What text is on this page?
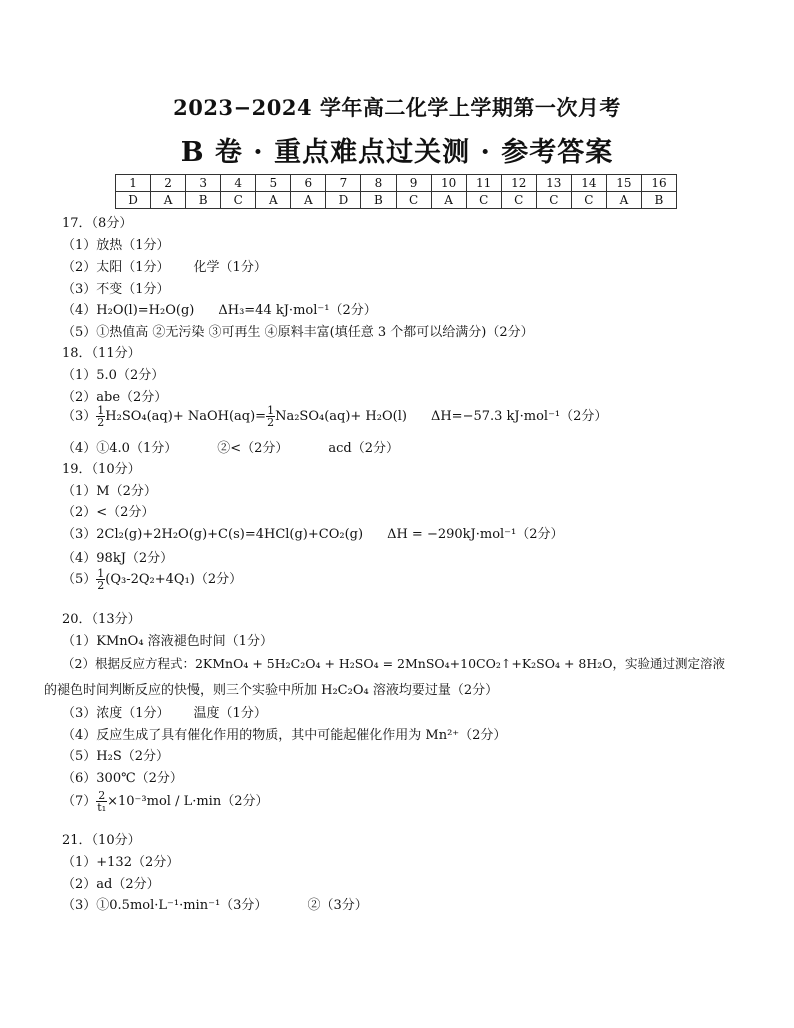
2023−2024 学年高二化学上学期第一次月考
B 卷 · 重点难点过关测 · 参考答案
1	2	3	4	5	6	7	8	9	10	11	12	13	14	15	16
D	A	B	C	A	A	D	B	C	A	C	C	C	C	A	B
17．（8分）
（1）放热（1分）
（2）太阳（1分） 化学（1分）
（3）不变（1分）
（4）H₂O(l)=H₂O(g) ΔH₃=44 kJ·mol⁻¹（2分）
（5）①热值高 ②无污染 ③可再生 ④原料丰富(填任意 3 个都可以给满分)（2分）
18．（11分）
（1）5.0（2分）
（2）abe（2分）
$(3) \frac{1}{2} H_2SO_4(aq)+$ NaOH(aq)= $\frac{1}{2} Na_2SO_4(aq)+ H_2O(l)$ ΔH=−57.3 kJ·mol⁻¹（2分）
（4）①4.0（1分）	②<（2分）	acd（2分）
19．（10分）
（1）M（2分）
（2）<（2分）
（3）2Cl₂(g)+2H₂O(g)+C(s)=4HCl(g)+CO₂(g) ΔH = −290kJ·mol⁻¹（2分）
（4）98kJ（2分）
$(5) \frac{1}{2} (Q_3-2Q_2+4Q_1)(2$分）
20．（13分）
（1）KMnO₄ 溶液褪色时间（1分）
（2）根据反应方程式：2KMnO₄ + 5H₂C₂O₄ + H₂SO₄ = 2MnSO₄+10CO₂↑+K₂SO₄ + 8H₂O，实验通过测定溶液
的褪色时间判断反应的快慢，则三个实验中所加 H₂C₂O₄ 溶液均要过量（2分）
（3）浓度（1分） 温度（1分）
（4）反应生成了具有催化作用的物质，其中可能起催化作用为 Mn²⁺（2分）
（5）H₂S（2分）
（6）300℃（2分）
$(7) \frac{2}{\text{t₁}} \times 10^{-3}mol / L\cdot\min(2$分）
21．（10分）
（1）+132（2分）
（2）ad（2分）
（3）①0.5mol·L⁻¹·min⁻¹（3分）	②（3分）
